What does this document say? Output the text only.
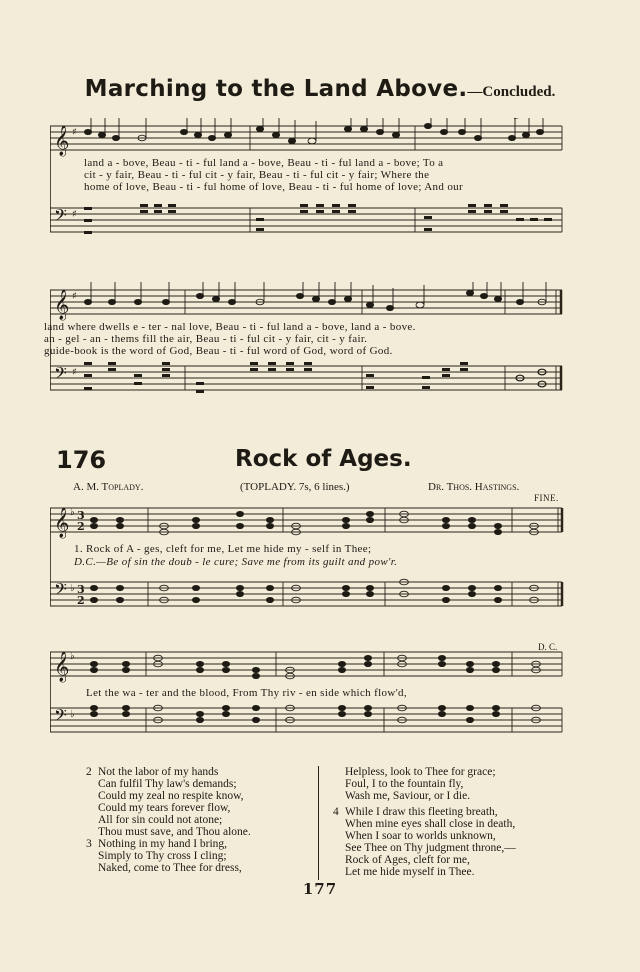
Marching to the Land Above.—Concluded.
𝄞
𝄢
♯
♯
land a - bove, Beau - ti - ful land a - bove, Beau - ti - ful land a - bove; To a
cit - y fair, Beau - ti - ful cit - y fair, Beau - ti - ful cit - y fair; Where the
home of love, Beau - ti - ful home of love, Beau - ti - ful home of love; And our
𝄞
𝄢
♯
♯
land where dwells e - ter - nal love, Beau - ti - ful land a - bove, land a - bove.
an - gel - an - thems fill the air, Beau - ti - ful cit - y fair, cit - y fair.
guide-book is the word of God, Beau - ti - ful word of God, word of God.
176	Rock of Ages.
A. M. Toplady.	(TOPLADY. 7s, 6 lines.)	Dr. Thos. Hastings.
FINE.
𝄞
𝄢
♭
♭
3
2
3
2
1. Rock of A - ges, cleft for me, Let me hide my - self in Thee;
D.C.—Be of sin the doub - le cure; Save me from its guilt and pow'r.
D. C.
𝄞
𝄢
♭
♭
Let the wa - ter and the blood, From Thy riv - en side which flow'd,
2 Not the labor of my hands
Can fulfil Thy law's demands;
Could my zeal no respite know,
Could my tears forever flow,
All for sin could not atone;
Thou must save, and Thou alone.
3 Nothing in my hand I bring,
Simply to Thy cross I cling;
Naked, come to Thee for dress,
Helpless, look to Thee for grace;
Foul, I to the fountain fly,
Wash me, Saviour, or I die.
4 While I draw this fleeting breath,
When mine eyes shall close in death,
When I soar to worlds unknown,
See Thee on Thy judgment throne,—
Rock of Ages, cleft for me,
Let me hide myself in Thee.
177
